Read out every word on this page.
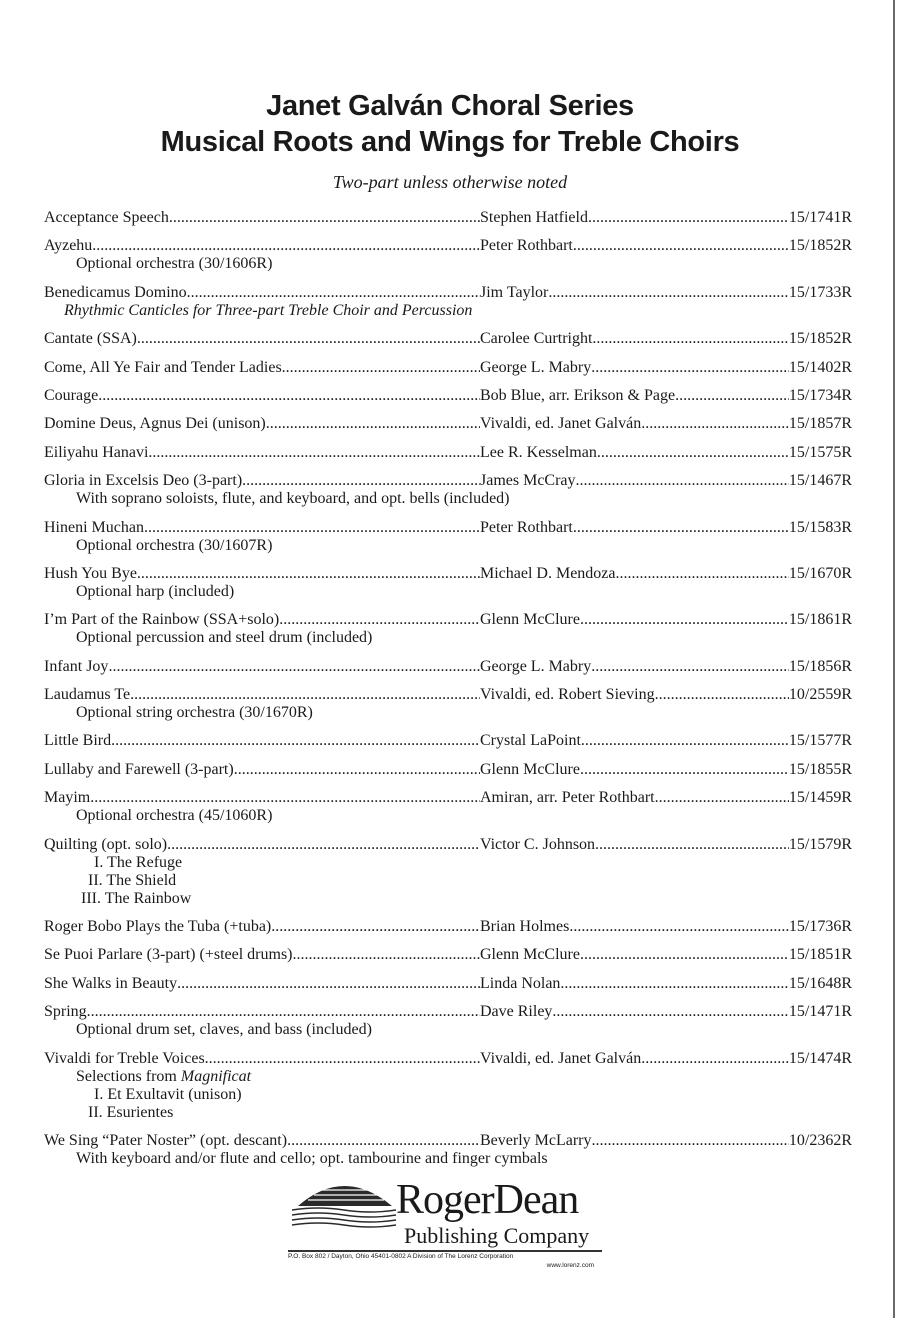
Janet Galván Choral Series
Musical Roots and Wings for Treble Choirs
Two-part unless otherwise noted
Acceptance Speech .....	Stephen Hatfield .....	15/1741R
Ayzehu .....	Peter Rothbart .....	15/1852R
Optional orchestra (30/1606R)
Benedicamus Domino .....	Jim Taylor .....	15/1733R
Rhythmic Canticles for Three-part Treble Choir and Percussion
Cantate (SSA) .....	Carolee Curtright .....	15/1852R
Come, All Ye Fair and Tender Ladies .....	George L. Mabry .....	15/1402R
Courage .....	Bob Blue, arr. Erikson & Page .....	15/1734R
Domine Deus, Agnus Dei (unison) .....	Vivaldi, ed. Janet Galván .....	15/1857R
Eiliyahu Hanavi .....	Lee R. Kesselman .....	15/1575R
Gloria in Excelsis Deo (3-part) .....	James McCray .....	15/1467R
With soprano soloists, flute, and keyboard, and opt. bells (included)
Hineni Muchan .....	Peter Rothbart .....	15/1583R
Optional orchestra (30/1607R)
Hush You Bye .....	Michael D. Mendoza .....	15/1670R
Optional harp (included)
I’m Part of the Rainbow (SSA+solo) .....	Glenn McClure .....	15/1861R
Optional percussion and steel drum (included)
Infant Joy .....	George L. Mabry .....	15/1856R
Laudamus Te .....	Vivaldi, ed. Robert Sieving .....	10/2559R
Optional string orchestra (30/1670R)
Little Bird .....	Crystal LaPoint .....	15/1577R
Lullaby and Farewell (3-part) .....	Glenn McClure .....	15/1855R
Mayim .....	Amiran, arr. Peter Rothbart .....	15/1459R
Optional orchestra (45/1060R)
Quilting (opt. solo) .....	Victor C. Johnson .....	15/1579R
I. The Refuge
II. The Shield
III. The Rainbow
Roger Bobo Plays the Tuba (+tuba) .....	Brian Holmes .....	15/1736R
Se Puoi Parlare (3-part) (+steel drums) .....	Glenn McClure .....	15/1851R
She Walks in Beauty .....	Linda Nolan .....	15/1648R
Spring .....	Dave Riley .....	15/1471R
Optional drum set, claves, and bass (included)
Vivaldi for Treble Voices .....	Vivaldi, ed. Janet Galván .....	15/1474R
Selections from Magnificat
I. Et Exultavit (unison)
II. Esurientes
We Sing “Pater Noster” (opt. descant) .....	Beverly McLarry .....	10/2362R
With keyboard and/or flute and cello; opt. tambourine and finger cymbals
RogerDean
Publishing Company
P.O. Box 802 / Dayton, Ohio 45401-0802 A Division of The Lorenz Corporation
www.lorenz.com
